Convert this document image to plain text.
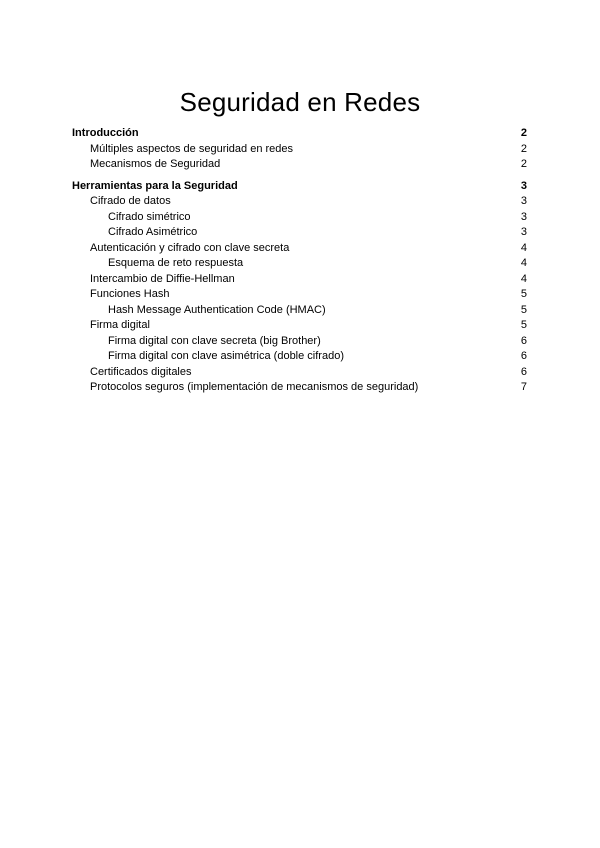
Seguridad en Redes
Introducción	2
Múltiples aspectos de seguridad en redes	2
Mecanismos de Seguridad	2
Herramientas para la Seguridad	3
Cifrado de datos	3
Cifrado simétrico	3
Cifrado Asimétrico	3
Autenticación y cifrado con clave secreta	4
Esquema de reto respuesta	4
Intercambio de Diffie-Hellman	4
Funciones Hash	5
Hash Message Authentication Code (HMAC)	5
Firma digital	5
Firma digital con clave secreta (big Brother)	6
Firma digital con clave asimétrica (doble cifrado)	6
Certificados digitales	6
Protocolos seguros (implementación de mecanismos de seguridad)	7
